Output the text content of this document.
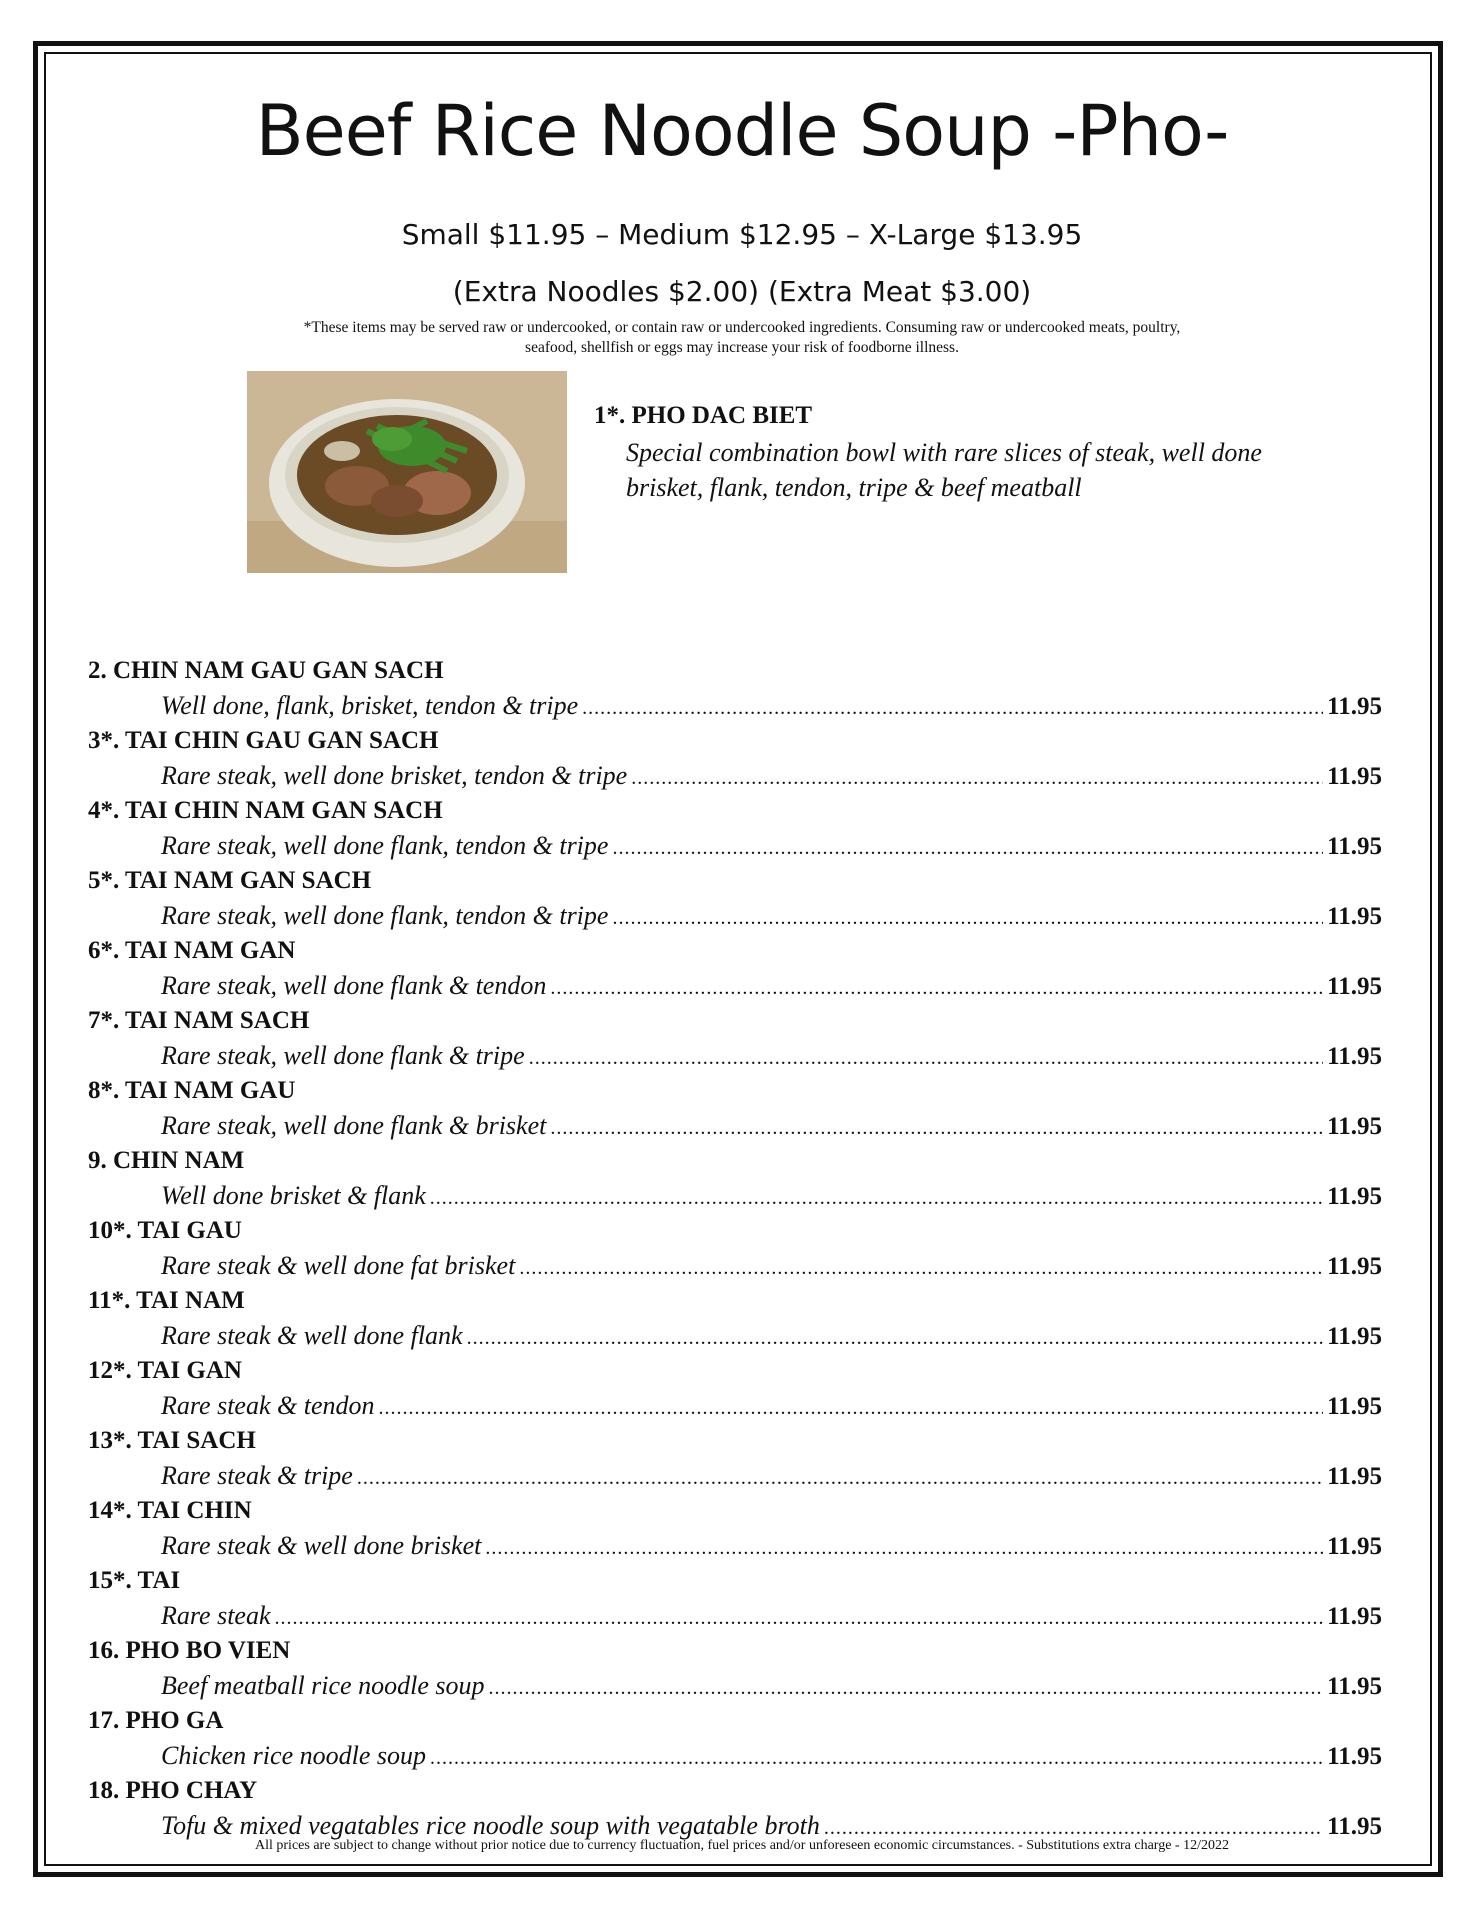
Beef Rice Noodle Soup -Pho-
Small $11.95 – Medium $12.95 – X-Large $13.95
(Extra Noodles $2.00) (Extra Meat $3.00)
*These items may be served raw or undercooked, or contain raw or undercooked ingredients. Consuming raw or undercooked meats, poultry, seafood, shellfish or eggs may increase your risk of foodborne illness.
1*. PHO DAC BIET
Special combination bowl with rare slices of steak, well done brisket, flank, tendon, tripe & beef meatball
2. CHIN NAM GAU GAN SACH
Well done, flank, brisket, tendon & tripe .....	11.95
3*. TAI CHIN GAU GAN SACH
Rare steak, well done brisket, tendon & tripe .....	11.95
4*. TAI CHIN NAM GAN SACH
Rare steak, well done flank, tendon & tripe .....	11.95
5*. TAI NAM GAN SACH
Rare steak, well done flank, tendon & tripe .....	11.95
6*. TAI NAM GAN
Rare steak, well done flank & tendon .....	11.95
7*. TAI NAM SACH
Rare steak, well done flank & tripe .....	11.95
8*. TAI NAM GAU
Rare steak, well done flank & brisket .....	11.95
9. CHIN NAM
Well done brisket & flank .....	11.95
10*. TAI GAU
Rare steak & well done fat brisket .....	11.95
11*. TAI NAM
Rare steak & well done flank .....	11.95
12*. TAI GAN
Rare steak & tendon .....	11.95
13*. TAI SACH
Rare steak & tripe .....	11.95
14*. TAI CHIN
Rare steak & well done brisket .....	11.95
15*. TAI
Rare steak .....	11.95
16. PHO BO VIEN
Beef meatball rice noodle soup .....	11.95
17. PHO GA
Chicken rice noodle soup .....	11.95
18. PHO CHAY
Tofu & mixed vegatables rice noodle soup with vegatable broth .....	11.95
All prices are subject to change without prior notice due to currency fluctuation, fuel prices and/or unforeseen economic circumstances. - Substitutions extra charge - 12/2022
